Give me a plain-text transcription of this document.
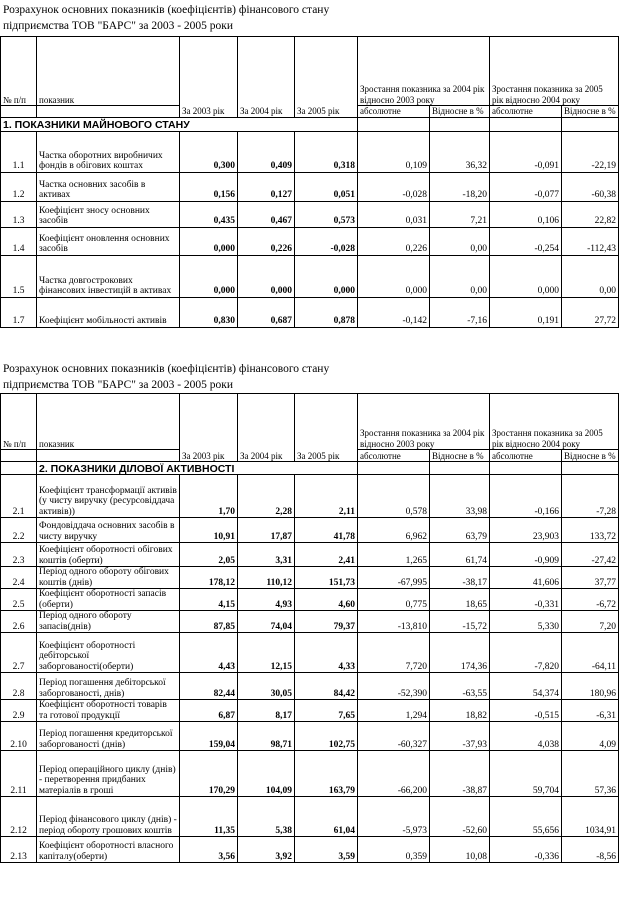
Розрахунок основних показників (коефіцієнтів) фінансового стану
підприємства ТОВ "БАРС" за 2003 - 2005 роки
№ п/п	показник	За 2003 рік	За 2004 рік	За 2005 рік	Зростання показника за 2004 рік відносно 2003 року		Зростання показника за 2005 рік відносно 2004 року	
					абсолютне	Відносне в %	абсолютне	Відносне в %
1. ПОКАЗНИКИ МАЙНОВОГО СТАНУ								
1.1	Частка оборотних виробничих фондів в обігових коштах	0,300	0,409	0,318	0,109	36,32	-0,091	-22,19
1.2	Частка основних засобів в активах	0,156	0,127	0,051	-0,028	-18,20	-0,077	-60,38
1.3	Коефіцієнт зносу основних засобів	0,435	0,467	0,573	0,031	7,21	0,106	22,82
1.4	Коефіцієнт оновлення основних засобів	0,000	0,226	-0,028	0,226	0,00	-0,254	-112,43
1.5	Частка довгострокових фінансових інвестицій в активах	0,000	0,000	0,000	0,000	0,00	0,000	0,00
1.7	Коефіцієнт мобільності активів	0,830	0,687	0,878	-0,142	-7,16	0,191	27,72
Розрахунок основних показників (коефіцієнтів) фінансового стану
підприємства ТОВ "БАРС" за 2003 - 2005 роки
№ п/п	показник	За 2003 рік	За 2004 рік	За 2005 рік	Зростання показника за 2004 рік відносно 2003 року		Зростання показника за 2005 рік відносно 2004 року	
					абсолютне	Відносне в %	абсолютне	Відносне в %
	2. ПОКАЗНИКИ ДІЛОВОЇ АКТИВНОСТІ							
2.1	Коефіцієнт трансформації активів (у чисту виручку (ресурсовіддача активів))	1,70	2,28	2,11	0,578	33,98	-0,166	-7,28
2.2	Фондовіддача основних засобів в чисту виручку	10,91	17,87	41,78	6,962	63,79	23,903	133,72
2.3	Коефіцієнт оборотності обігових коштів (оберти)	2,05	3,31	2,41	1,265	61,74	-0,909	-27,42
2.4	Період одного обороту обігових коштів (днів)	178,12	110,12	151,73	-67,995	-38,17	41,606	37,77
2.5	Коефіцієнт оборотності запасів (оберти)	4,15	4,93	4,60	0,775	18,65	-0,331	-6,72
2.6	Період одного обороту запасів(днів)	87,85	74,04	79,37	-13,810	-15,72	5,330	7,20
2.7	Коефіцієнт оборотності дебіторської заборгованості(оберти)	4,43	12,15	4,33	7,720	174,36	-7,820	-64,11
2.8	Період погашення дебіторської заборгованості, днів)	82,44	30,05	84,42	-52,390	-63,55	54,374	180,96
2.9	Коефіцієнт оборотності товарів та готової продукції	6,87	8,17	7,65	1,294	18,82	-0,515	-6,31
2.10	Період погашення кредиторської заборгованості (днів)	159,04	98,71	102,75	-60,327	-37,93	4,038	4,09
2.11	Період операційного циклу (днів) - перетворення придбаних матеріалів в гроші	170,29	104,09	163,79	-66,200	-38,87	59,704	57,36
2.12	Період фінансового циклу (днів) - період обороту грошових коштів	11,35	5,38	61,04	-5,973	-52,60	55,656	1034,91
2.13	Коефіцієнт оборотності власного капіталу(оберти)	3,56	3,92	3,59	0,359	10,08	-0,336	-8,56
